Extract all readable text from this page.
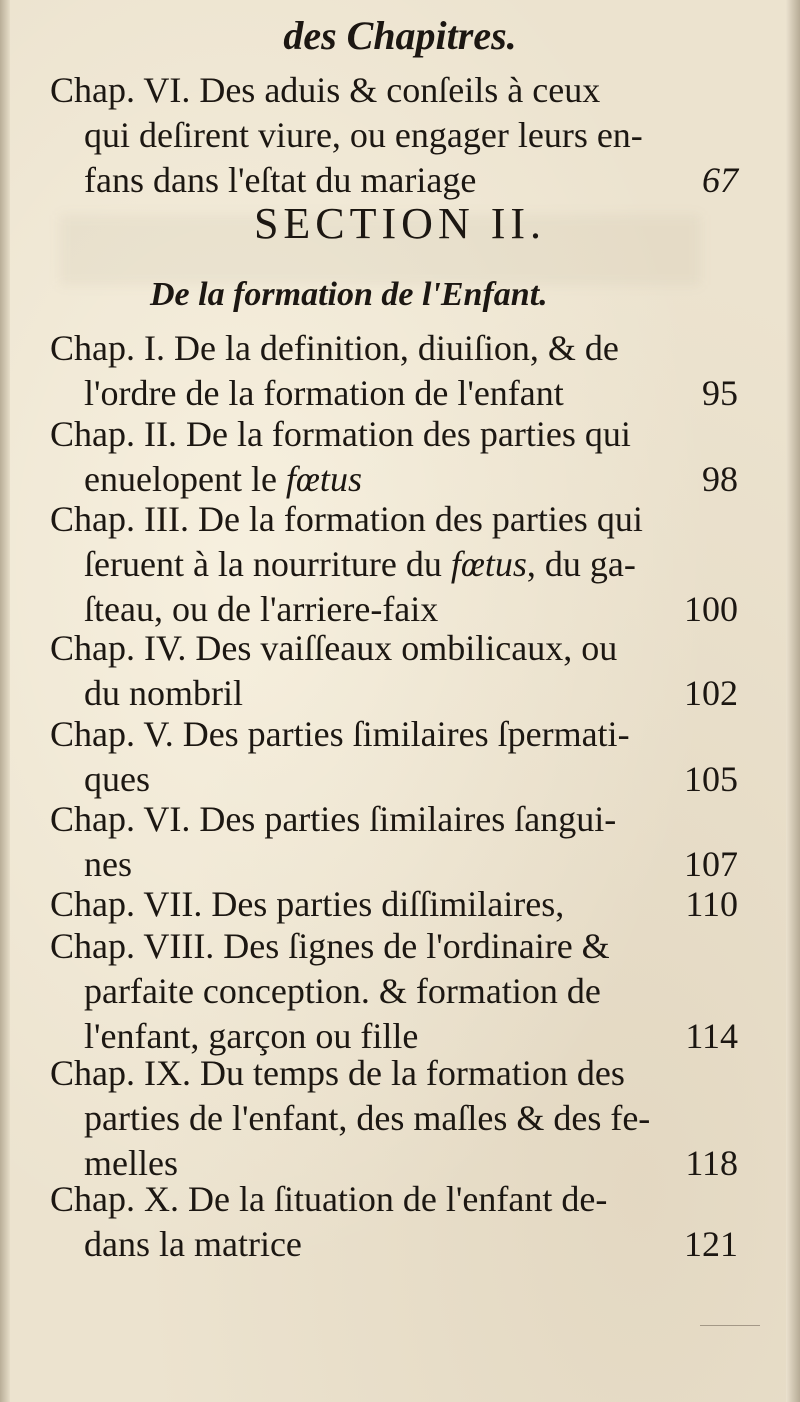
des Chapitres.
Chap. VI. Des aduis & conſeils à ceux
qui deſirent viure, ou engager leurs en-
fans dans l'eſtat du mariage	67
SECTION II.
De la formation de l'Enfant.
Chap. I. De la definition, diuiſion, & de
l'ordre de la formation de l'enfant	95
Chap. II. De la formation des parties qui
enuelopent le fœtus	98
Chap. III. De la formation des parties qui
ſeruent à la nourriture du fœtus, du ga-
ſteau, ou de l'arriere-faix	100
Chap. IV. Des vaiſſeaux ombilicaux, ou
du nombril	102
Chap. V. Des parties ſimilaires ſpermati-
ques	105
Chap. VI. Des parties ſimilaires ſangui-
nes	107
Chap. VII. Des parties diſſimilaires,	110
Chap. VIII. Des ſignes de l'ordinaire &
parfaite conception. & formation de
l'enfant, garçon ou fille	114
Chap. IX. Du temps de la formation des
parties de l'enfant, des maſles & des fe-
melles	118
Chap. X. De la ſituation de l'enfant de-
dans la matrice	121
